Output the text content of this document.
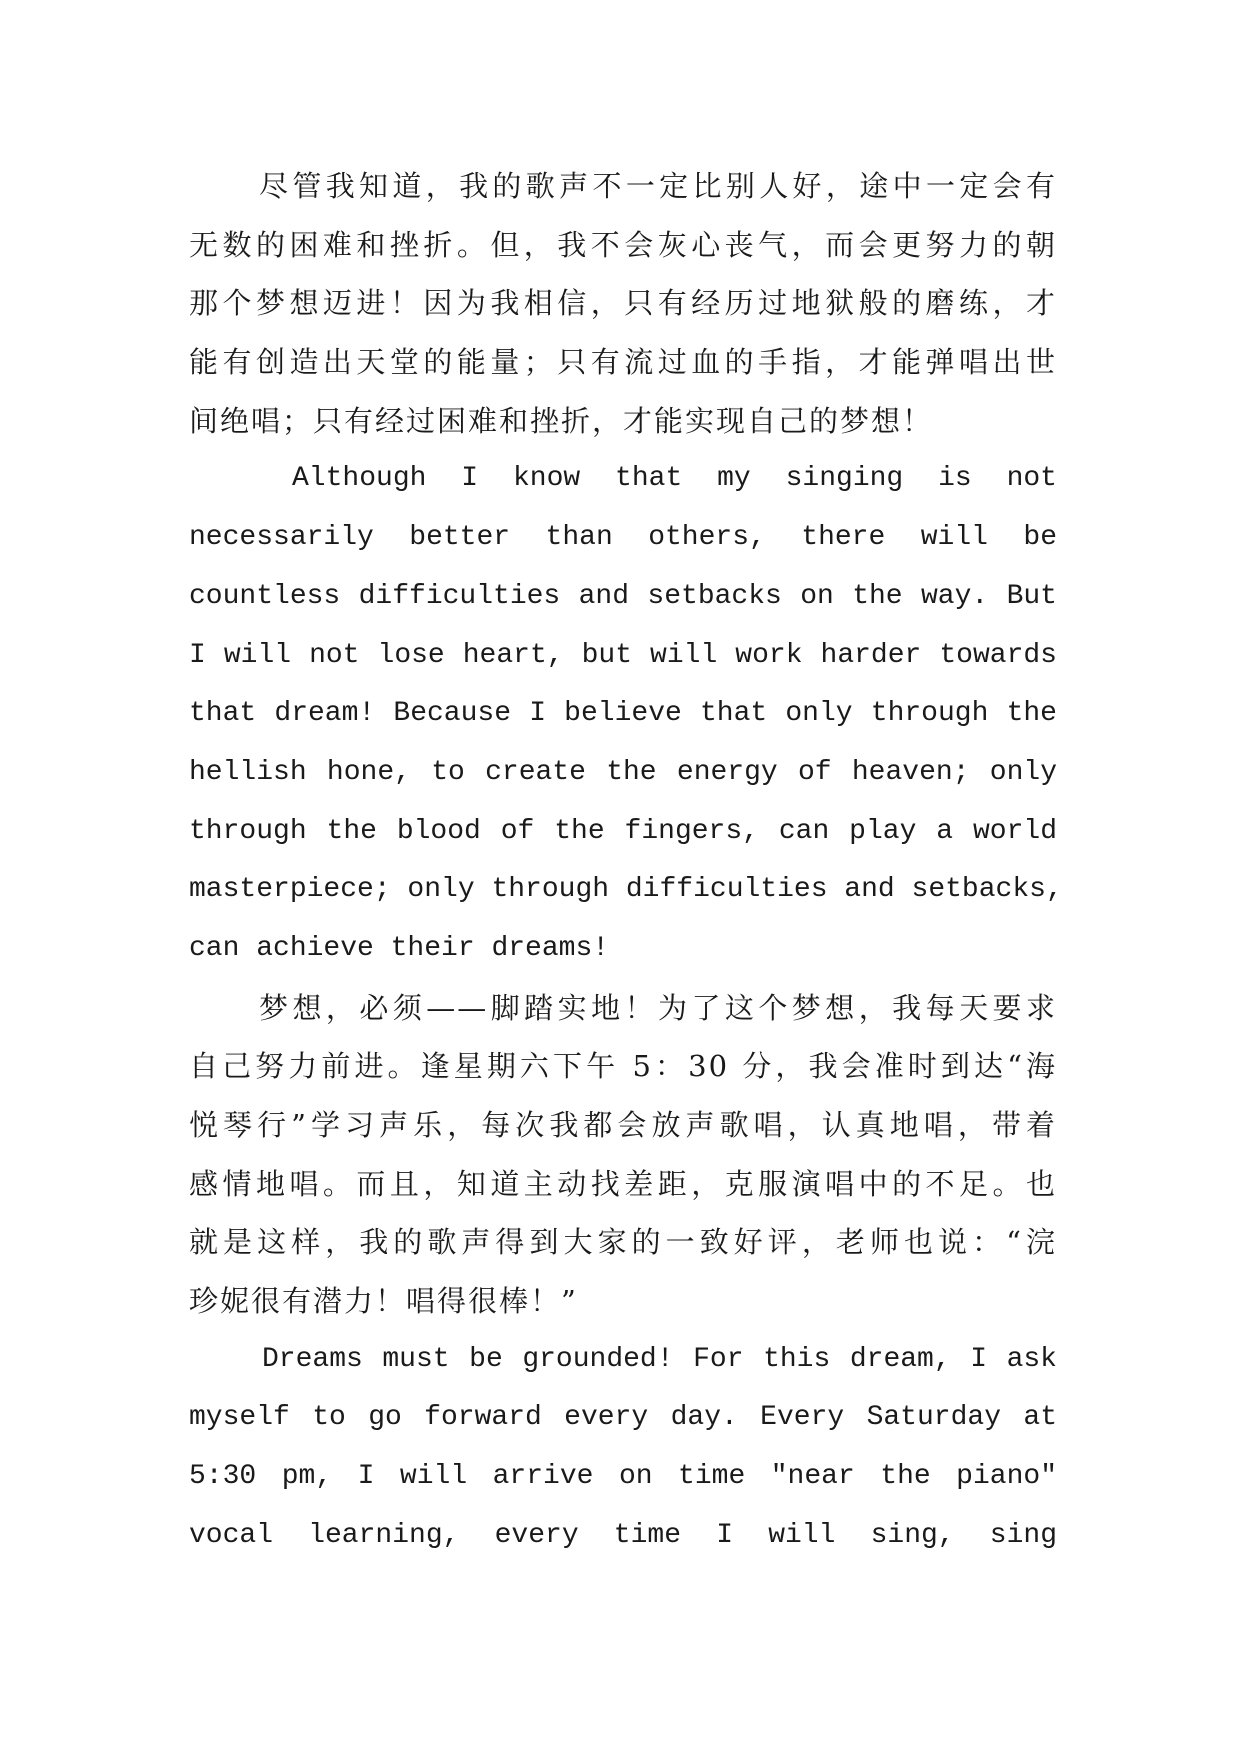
尽管我知道，我的歌声不一定比别人好，途中一定会有
无数的困难和挫折。但，我不会灰心丧气，而会更努力的朝
那个梦想迈进！因为我相信，只有经历过地狱般的磨练，才
能有创造出天堂的能量；只有流过血的手指，才能弹唱出世
间绝唱；只有经过困难和挫折，才能实现自己的梦想！
Although I know that my singing is not
necessarily better than others, there will be
countless difficulties and setbacks on the way. But
I will not lose heart, but will work harder towards
that dream! Because I believe that only through the
hellish hone, to create the energy of heaven; only
through the blood of the fingers, can play a world
masterpiece; only through difficulties and setbacks,
can achieve their dreams!
梦想，必须——脚踏实地！为了这个梦想，我每天要求
自己努力前进。逢星期六下午 5：30 分，我会准时到达“海
悦琴行”学习声乐，每次我都会放声歌唱，认真地唱，带着
感情地唱。而且，知道主动找差距，克服演唱中的不足。也
就是这样，我的歌声得到大家的一致好评，老师也说：“浣
珍妮很有潜力！唱得很棒！”
Dreams must be grounded! For this dream, I ask
myself to go forward every day. Every Saturday at
5:30 pm, I will arrive on time "near the piano"
vocal learning, every time I will sing, sing
